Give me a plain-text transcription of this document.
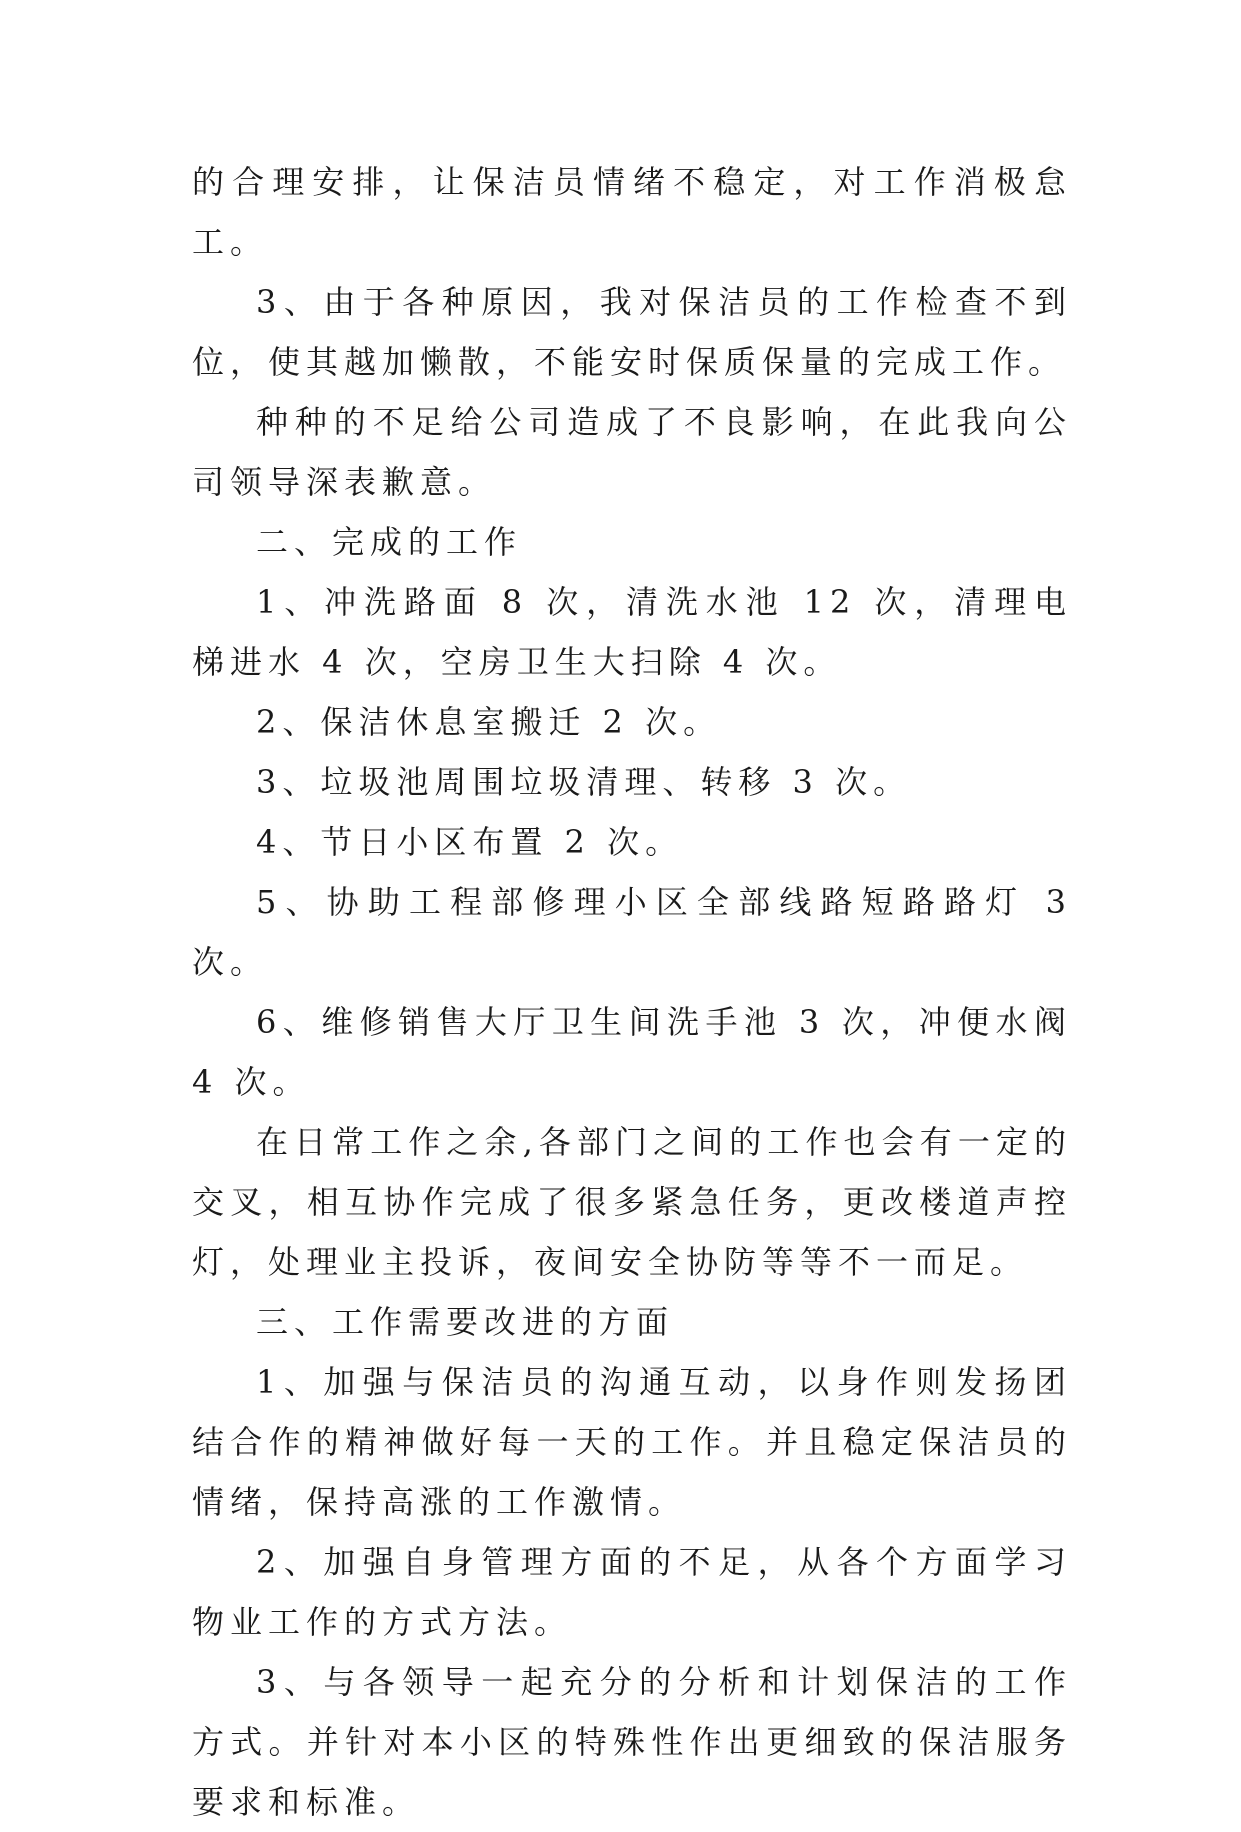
的合理安排，让保洁员情绪不稳定，对工作消极怠工。

3、由于各种原因，我对保洁员的工作检查不到位，使其越加懒散，不能安时保质保量的完成工作。

种种的不足给公司造成了不良影响，在此我向公司领导深表歉意。

二、完成的工作

1、冲洗路面 8 次，清洗水池 12 次，清理电梯进水 4 次，空房卫生大扫除 4 次。

2、保洁休息室搬迁 2 次。

3、垃圾池周围垃圾清理、转移 3 次。

4、节日小区布置 2 次。

5、协助工程部修理小区全部线路短路路灯 3 次。

6、维修销售大厅卫生间洗手池 3 次，冲便水阀 4 次。

在日常工作之余,各部门之间的工作也会有一定的交叉，相互协作完成了很多紧急任务，更改楼道声控灯，处理业主投诉，夜间安全协防等等不一而足。

三、工作需要改进的方面

1、加强与保洁员的沟通互动，以身作则发扬团结合作的精神做好每一天的工作。并且稳定保洁员的情绪，保持高涨的工作激情。

2、加强自身管理方面的不足，从各个方面学习物业工作的方式方法。

3、与各领导一起充分的分析和计划保洁的工作方式。并针对本小区的特殊性作出更细致的保洁服务要求和标准。
